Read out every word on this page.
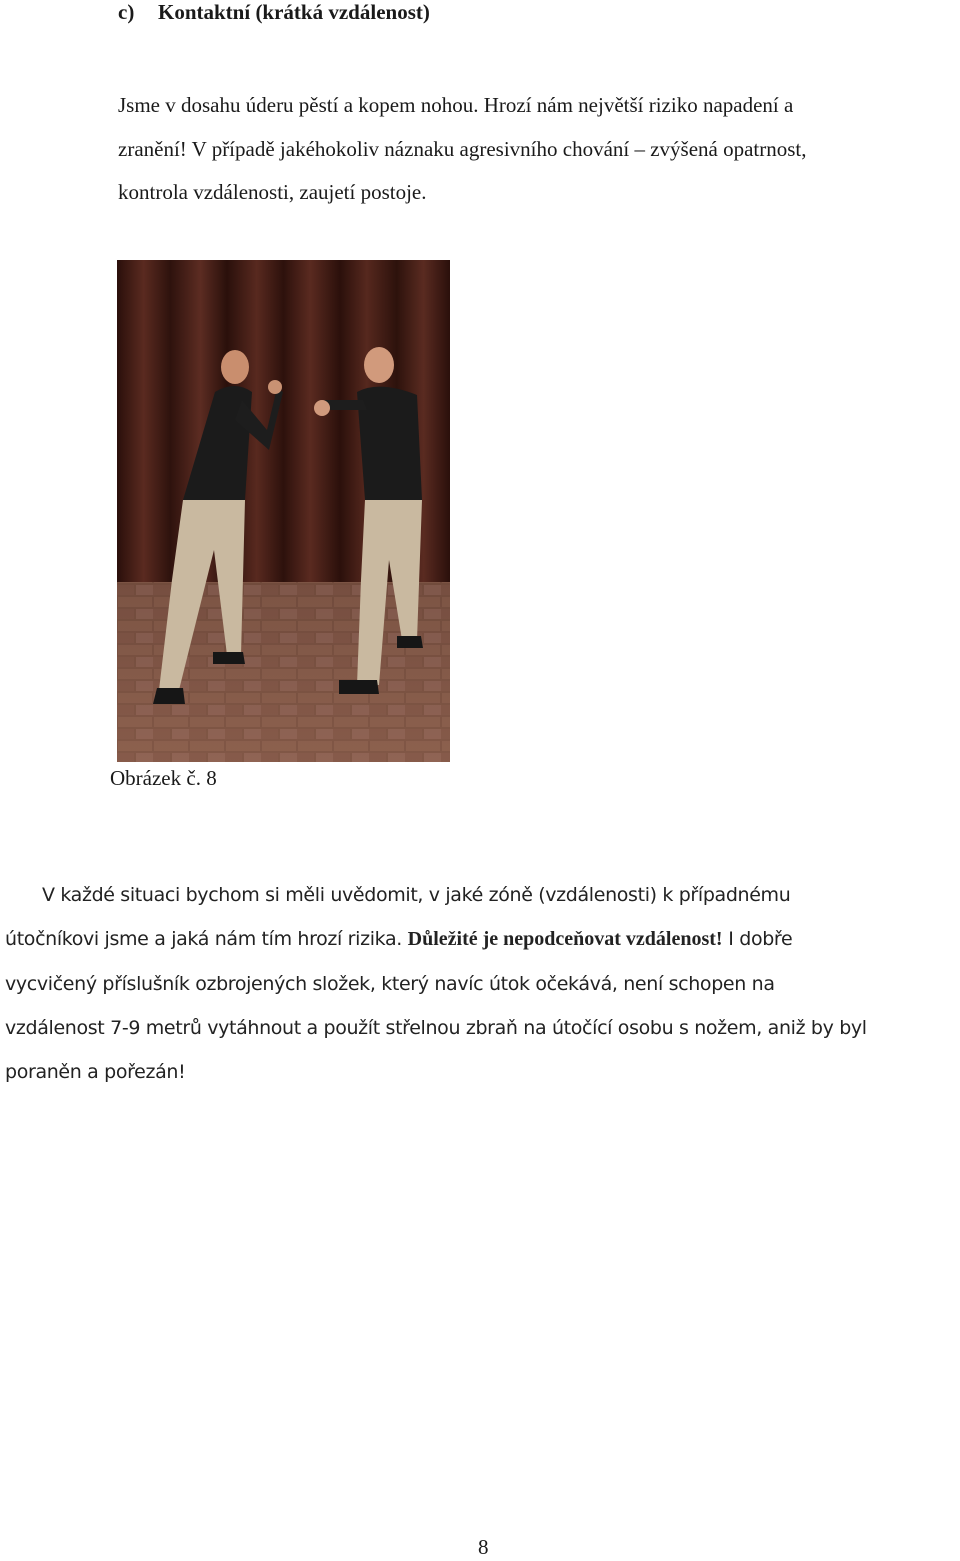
c) Kontaktní (krátká vzdálenost)
Jsme v dosahu úderu pěstí a kopem nohou. Hrozí nám největší riziko napadení a
zranění! V případě jakéhokoliv náznaku agresivního chování – zvýšená opatrnost,
kontrola vzdálenosti, zaujetí postoje.
Obrázek č. 8
V každé situaci bychom si měli uvědomit, v jaké zóně (vzdálenosti) k případnému
útočníkovi jsme a jaká nám tím hrozí rizika. Důležité je nepodceňovat vzdálenost! I dobře
vycvičený příslušník ozbrojených složek, který navíc útok očekává, není schopen na
vzdálenost 7-9 metrů vytáhnout a použít střelnou zbraň na útočící osobu s nožem, aniž by byl
poraněn a pořezán!
8
